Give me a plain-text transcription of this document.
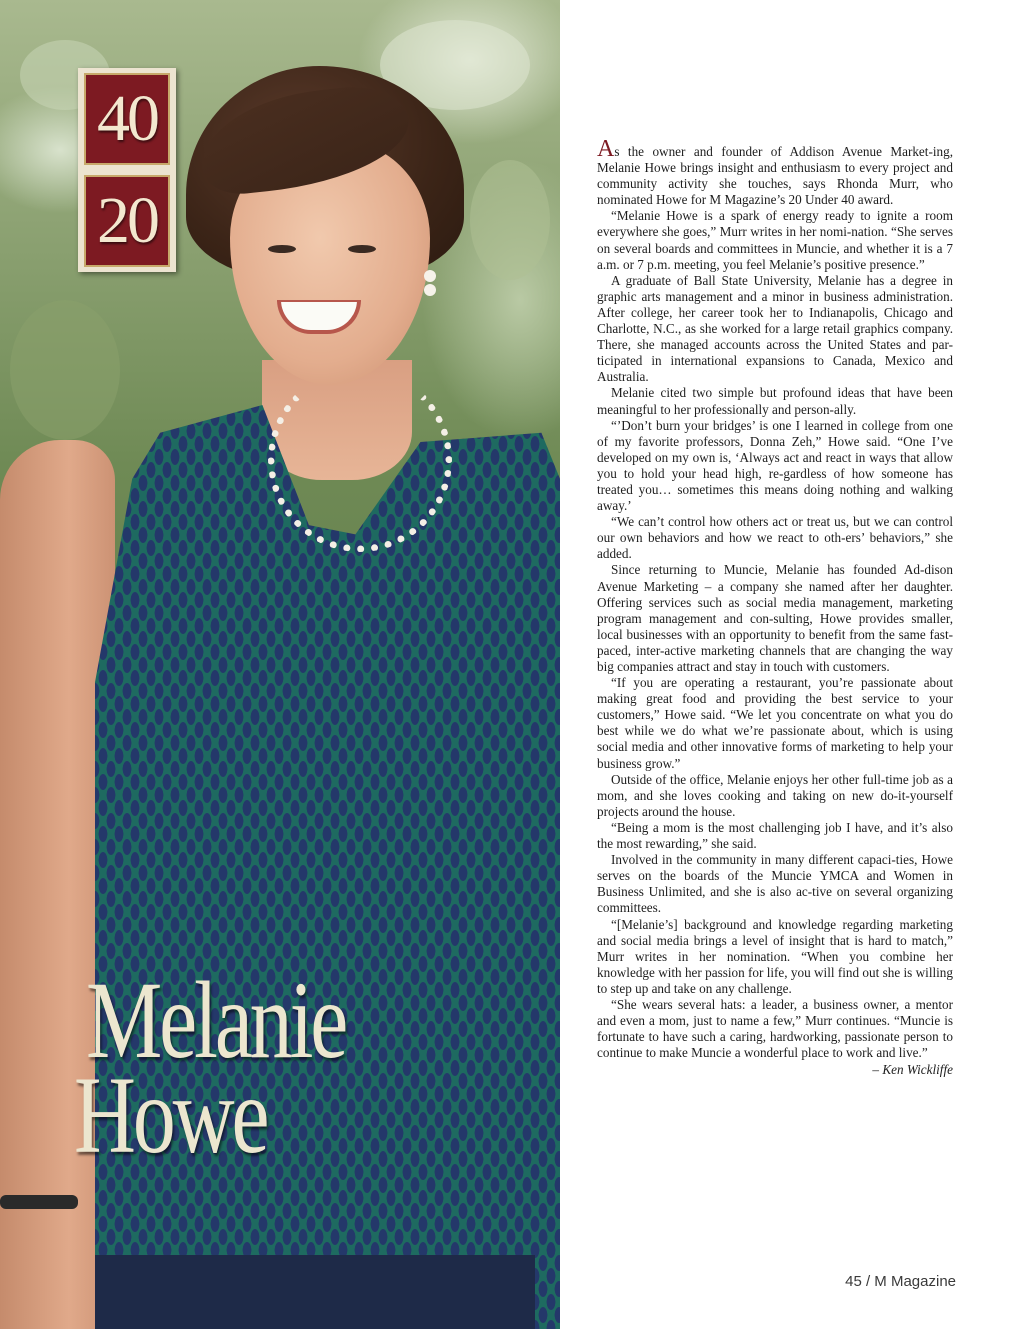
40
20
Melanie
Howe

As the owner and founder of Addison Avenue Market-ing, Melanie Howe brings insight and enthusiasm to every project and community activity she touches, says Rhonda Murr, who nominated Howe for M Magazine’s 20 Under 40 award.

“Melanie Howe is a spark of energy ready to ignite a room everywhere she goes,” Murr writes in her nomi-nation. “She serves on several boards and committees in Muncie, and whether it is a 7 a.m. or 7 p.m. meeting, you feel Melanie’s positive presence.”

A graduate of Ball State University, Melanie has a degree in graphic arts management and a minor in business administration. After college, her career took her to Indianapolis, Chicago and Charlotte, N.C., as she worked for a large retail graphics company. There, she managed accounts across the United States and par-ticipated in international expansions to Canada, Mexico and Australia.

Melanie cited two simple but profound ideas that have been meaningful to her professionally and person-ally.

“’Don’t burn your bridges’ is one I learned in college from one of my favorite professors, Donna Zeh,” Howe said. “One I’ve developed on my own is, ‘Always act and react in ways that allow you to hold your head high, re-gardless of how someone has treated you… sometimes this means doing nothing and walking away.’

“We can’t control how others act or treat us, but we can control our own behaviors and how we react to oth-ers’ behaviors,” she added.

Since returning to Muncie, Melanie has founded Ad-dison Avenue Marketing – a company she named after her daughter. Offering services such as social media management, marketing program management and con-sulting, Howe provides smaller, local businesses with an opportunity to benefit from the same fast-paced, inter-active marketing channels that are changing the way big companies attract and stay in touch with customers.

“If you are operating a restaurant, you’re passionate about making great food and providing the best service to your customers,” Howe said. “We let you concentrate on what you do best while we do what we’re passionate about, which is using social media and other innovative forms of marketing to help your business grow.”

Outside of the office, Melanie enjoys her other full-time job as a mom, and she loves cooking and taking on new do-it-yourself projects around the house.

“Being a mom is the most challenging job I have, and it’s also the most rewarding,” she said.

Involved in the community in many different capaci-ties, Howe serves on the boards of the Muncie YMCA and Women in Business Unlimited, and she is also ac-tive on several organizing committees.

“[Melanie’s] background and knowledge regarding marketing and social media brings a level of insight that is hard to match,” Murr writes in her nomination. “When you combine her knowledge with her passion for life, you will find out she is willing to step up and take on any challenge.

“She wears several hats: a leader, a business owner, a mentor and even a mom, just to name a few,” Murr continues. “Muncie is fortunate to have such a caring, hardworking, passionate person to continue to make Muncie a wonderful place to work and live.”

– Ken Wickliffe
45 / M Magazine
